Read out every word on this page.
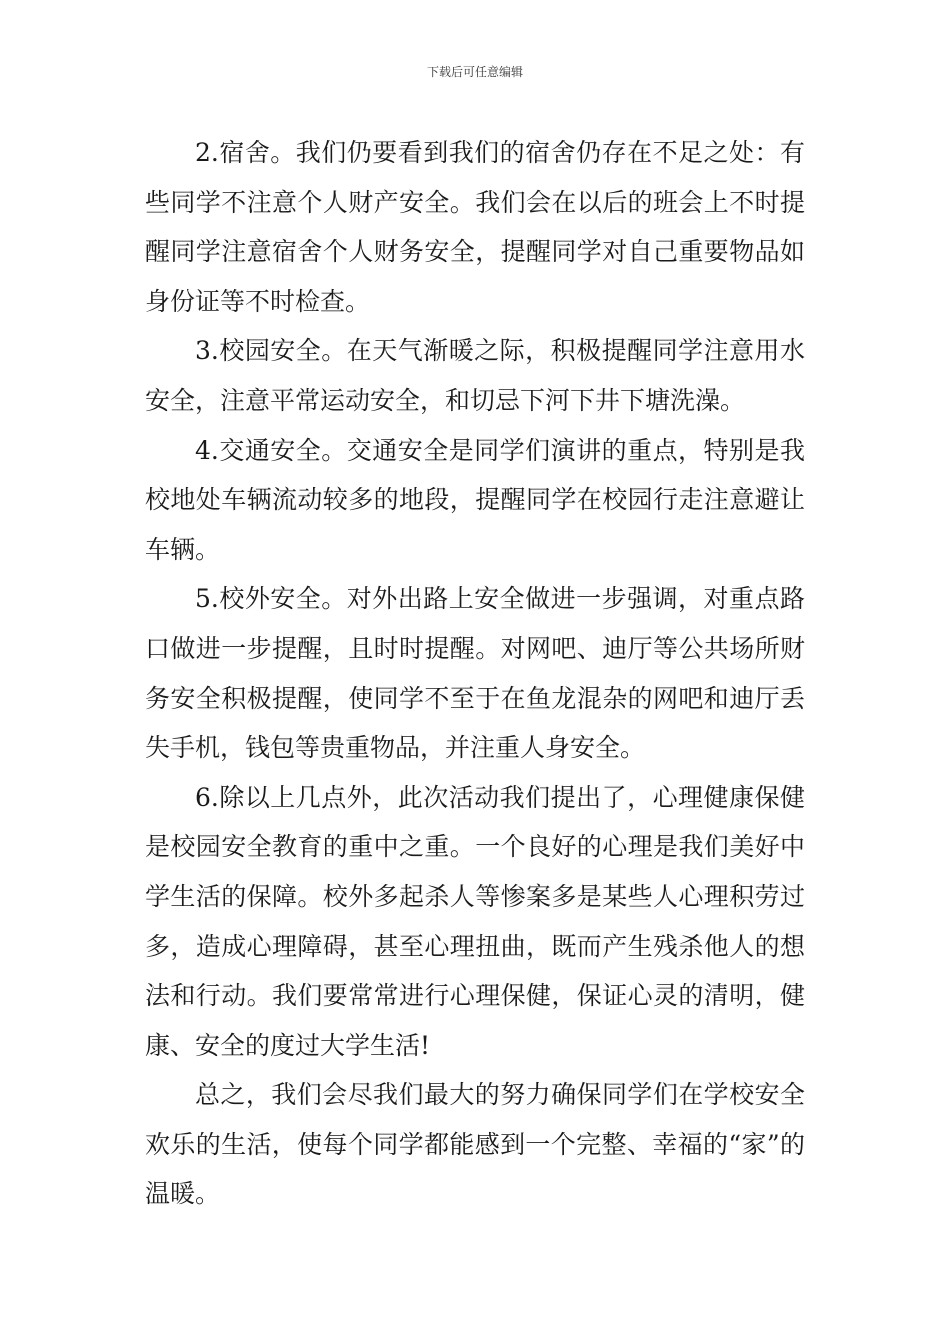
下载后可任意编辑

2.宿舍。我们仍要看到我们的宿舍仍存在不足之处：有些同学不注意个人财产安全。我们会在以后的班会上不时提醒同学注意宿舍个人财务安全，提醒同学对自己重要物品如身份证等不时检查。

3.校园安全。在天气渐暖之际，积极提醒同学注意用水安全，注意平常运动安全，和切忌下河下井下塘洗澡。

4.交通安全。交通安全是同学们演讲的重点，特别是我校地处车辆流动较多的地段，提醒同学在校园行走注意避让车辆。

5.校外安全。对外出路上安全做进一步强调，对重点路口做进一步提醒，且时时提醒。对网吧、迪厅等公共场所财务安全积极提醒，使同学不至于在鱼龙混杂的网吧和迪厅丢失手机，钱包等贵重物品，并注重人身安全。

6.除以上几点外，此次活动我们提出了，心理健康保健是校园安全教育的重中之重。一个良好的心理是我们美好中学生活的保障。校外多起杀人等惨案多是某些人心理积劳过多，造成心理障碍，甚至心理扭曲，既而产生残杀他人的想法和行动。我们要常常进行心理保健，保证心灵的清明，健康、安全的度过大学生活!

总之，我们会尽我们最大的努力确保同学们在学校安全欢乐的生活，使每个同学都能感到一个完整、幸福的“家”的温暖。
